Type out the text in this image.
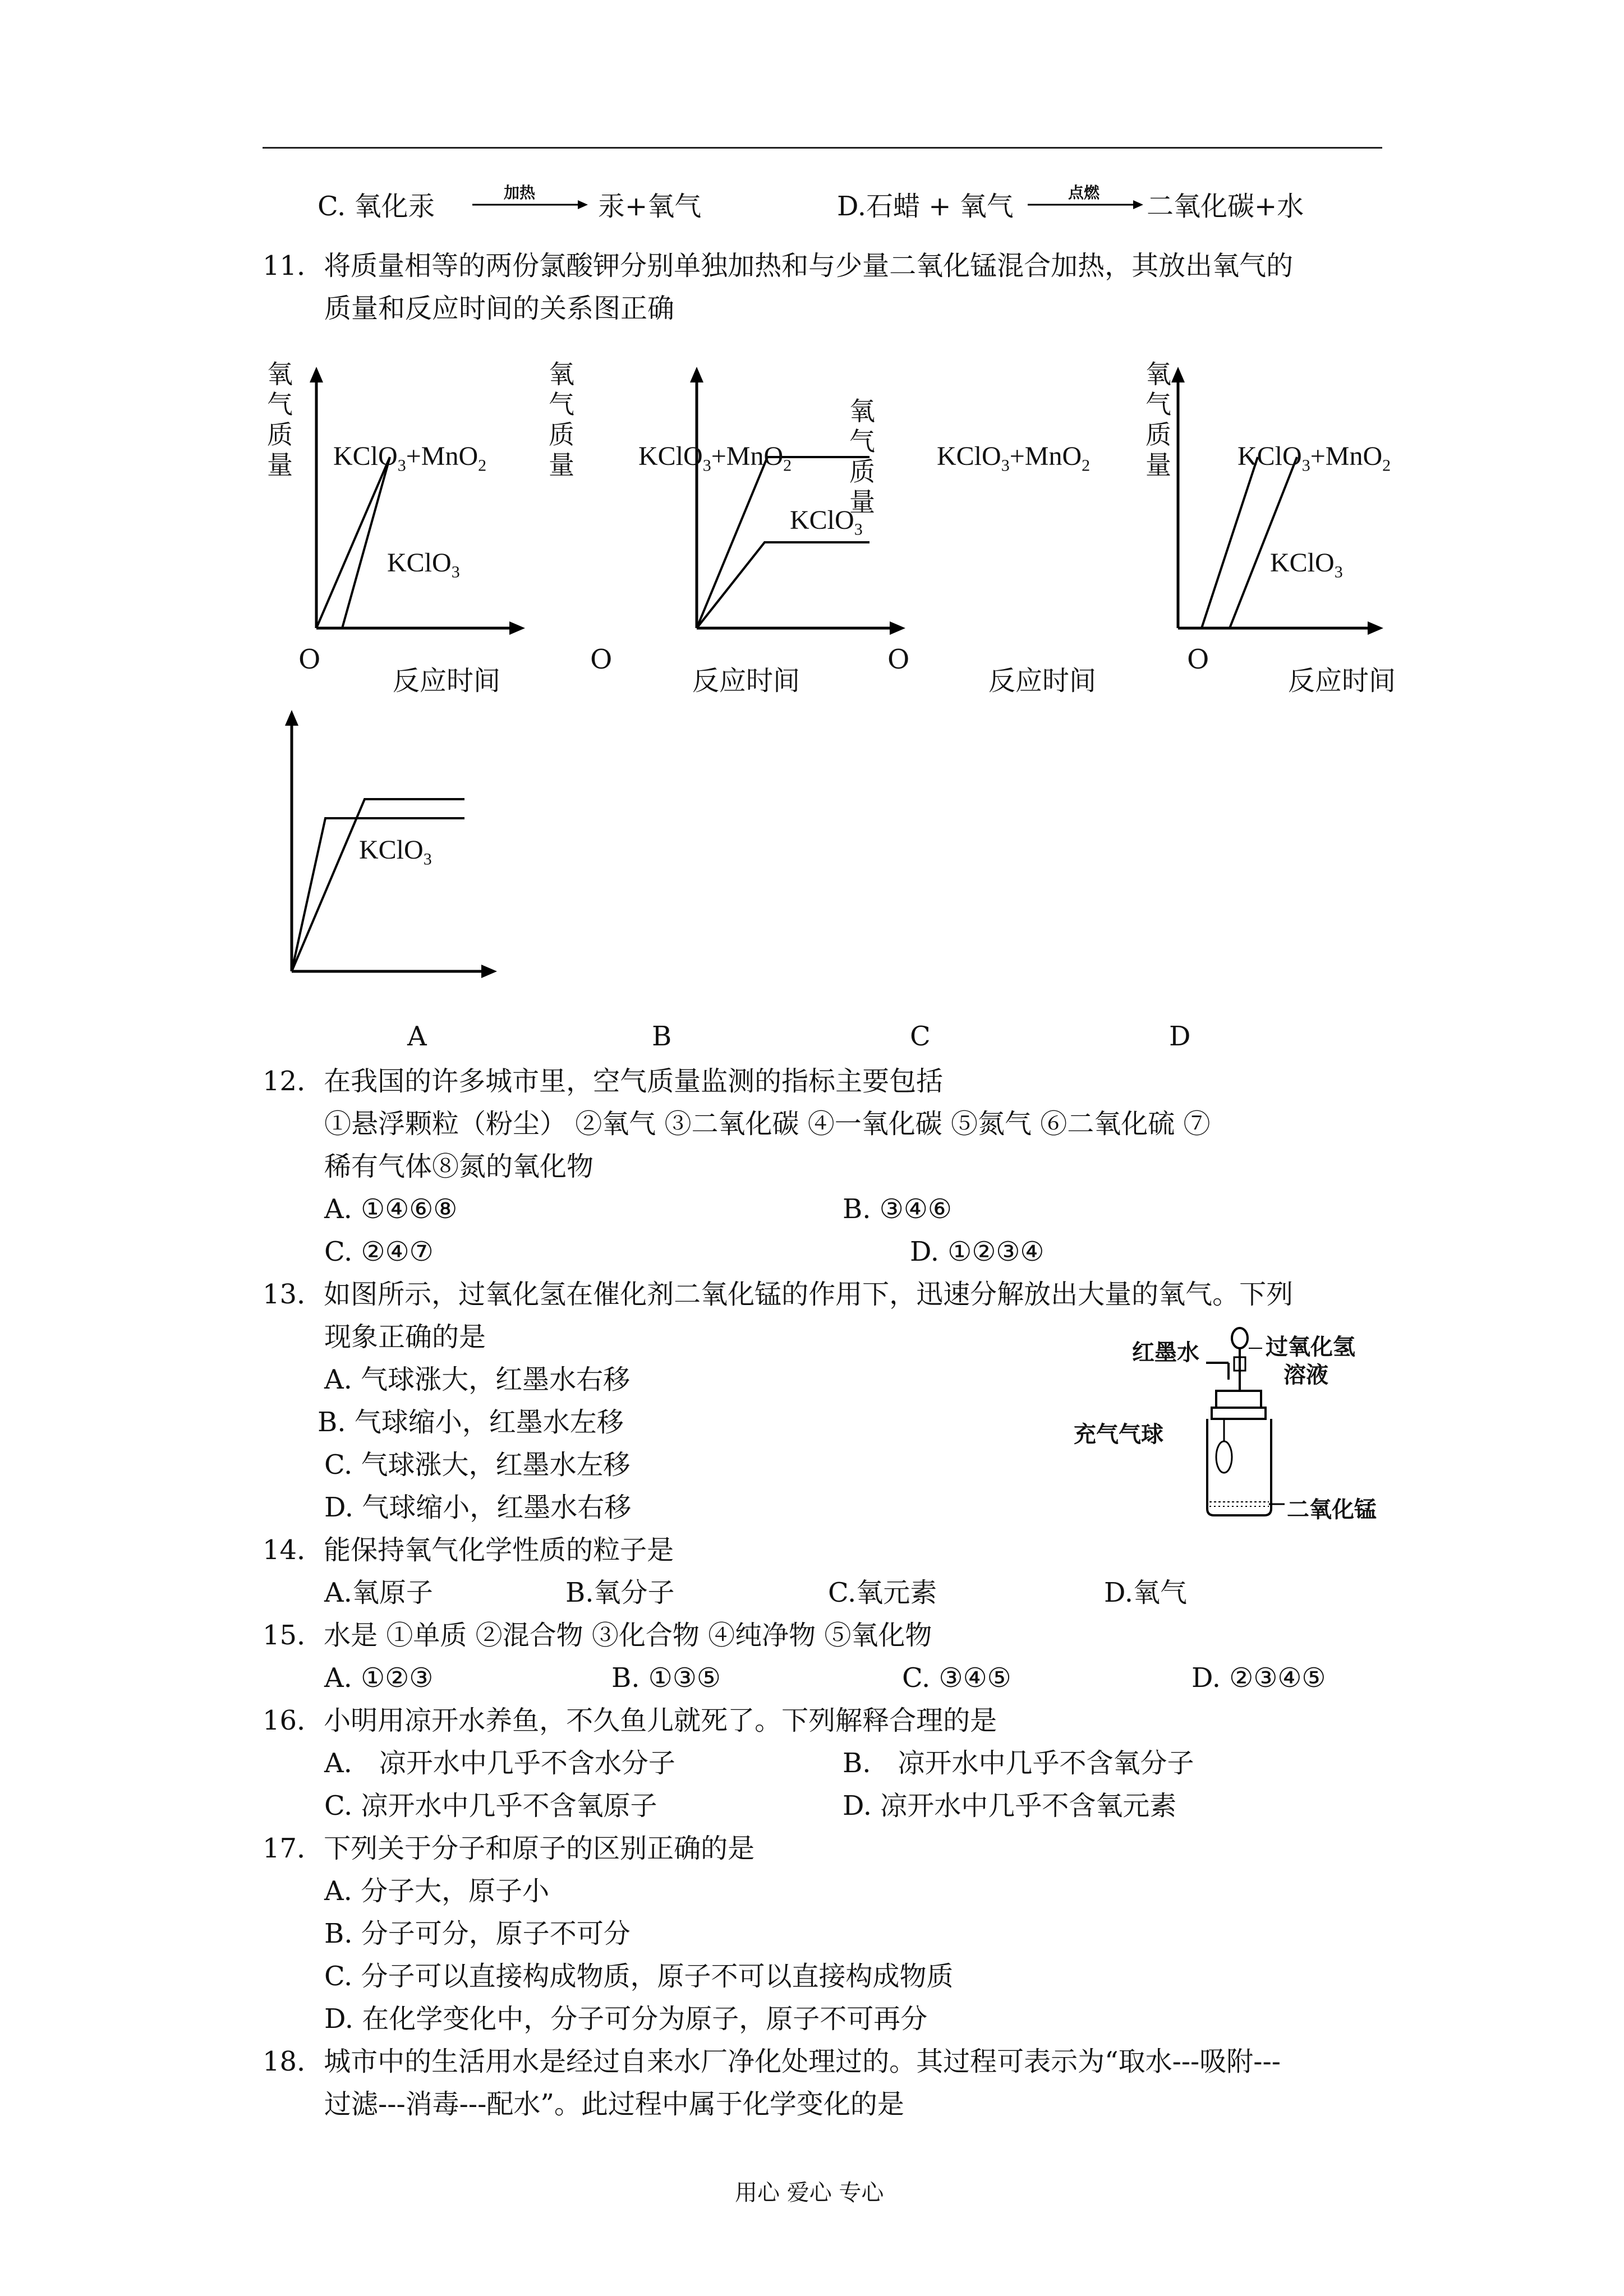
C. 氧化汞	加热 汞+氧气	D.石蜡 + 氧气	点燃 二氧化碳+水
11．将质量相等的两份氯酸钾分别单独加热和与少量二氧化锰混合加热，其放出氧气的
质量和反应时间的关系图正确
氧气质量 KClO$_3$+MnO$_2$
KClO$_3$
O
反应时间
氧气质量 KClO$_3$+MnO$_2$
KClO$_3$
O
反应时间
氧气质量
KClO$_3$+MnO$_2$
O
反应时间
氧气质量 KClO$_3$+MnO$_2$
KClO$_3$
O
反应时间
KClO$_3$
A	B	C	D
12．在我国的许多城市里，空气质量监测的指标主要包括
①悬浮颗粒（粉尘） ②氧气 ③二氧化碳 ④一氧化碳 ⑤氮气 ⑥二氧化硫 ⑦
稀有气体⑧氮的氧化物
A. ①④⑥⑧	B. ③④⑥
C. ②④⑦	D. ①②③④
13．如图所示，过氧化氢在催化剂二氧化锰的作用下，迅速分解放出大量的氧气。下列
现象正确的是
A. 气球涨大，红墨水右移
B. 气球缩小，红墨水左移
C. 气球涨大，红墨水左移
D. 气球缩小，红墨水右移
红墨水	过氧化氢
溶液
充气气球
二氧化锰
14．能保持氧气化学性质的粒子是
A.氧原子	B.氧分子	C.氧元素	D.氧气
15．水是 ①单质 ②混合物 ③化合物 ④纯净物 ⑤氧化物
A. ①②③	B. ①③⑤	C. ③④⑤	D. ②③④⑤
16．小明用凉开水养鱼，不久鱼儿就死了。下列解释合理的是
A.　凉开水中几乎不含水分子	B.　凉开水中几乎不含氧分子
C. 凉开水中几乎不含氧原子	D. 凉开水中几乎不含氧元素
17．下列关于分子和原子的区别正确的是
A. 分子大，原子小
B. 分子可分，原子不可分
C. 分子可以直接构成物质，原子不可以直接构成物质
D. 在化学变化中，分子可分为原子，原子不可再分
18．城市中的生活用水是经过自来水厂净化处理过的。其过程可表示为“取水---吸附---
过滤---消毒---配水”。此过程中属于化学变化的是
用心 爱心 专心
